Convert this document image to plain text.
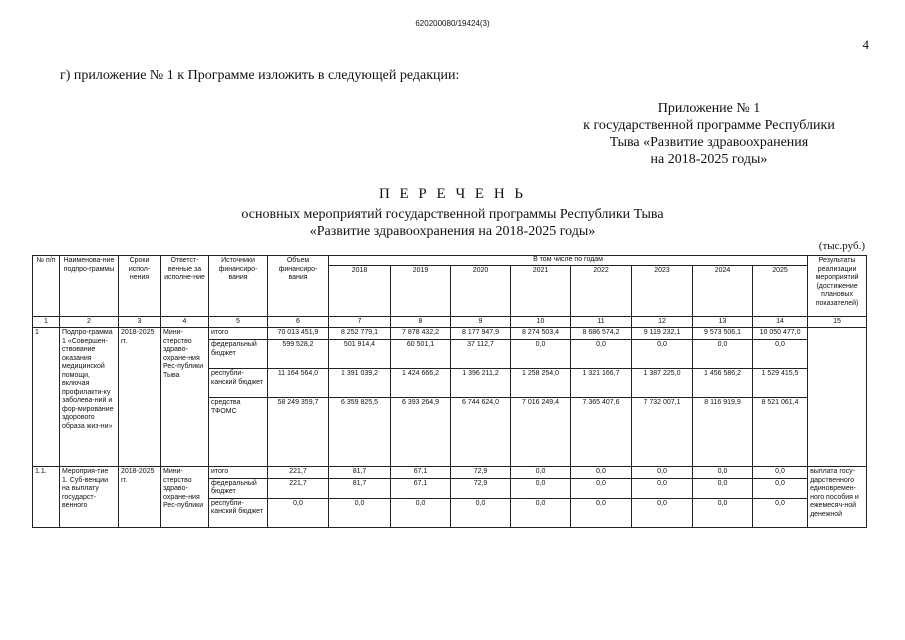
620200080/19424(3)
4
г) приложение № 1 к Программе изложить в следующей редакции:
Приложение № 1
к государственной программе Республики
Тыва «Развитие здравоохранения
на 2018-2025 годы»
П Е Р Е Ч Е Н Ь
основных мероприятий государственной программы Республики Тыва
«Развитие здравоохранения на 2018-2025 годы»
(тыс.руб.)
№ п/п	Наименова-ние подпро-граммы	Сроки испол-нения	Ответст-венные за исполне-ние	Источники финансиро-вания	Объем финансиро-вания	В том числе по годам								Результаты реализации мероприятий (достижение плановых показателей)
						2018	2019	2020	2021	2022	2023	2024	2025	
1	2	3	4	5	6	7	8	9	10	11	12	13	14	15
1	Подпро-грамма 1 «Совершен-ствование оказания медицинской помощи, включая профилакти-ку заболева-ний и фор-мирование здорового образа жиз-ни»	2018-2025 гг.	Мини-стерство здраво-охране-ния Рес-публики Тыва	итого	70 013 451,9	8 252 779,1	7 878 432,2	8 177 947,9	8 274 503,4	8 686 574,2	9 119 232,1	9 573 506,1	10 050 477,0	
				федеральный бюджет	599 528,2	501 914,4	60 501,1	37 112,7	0,0	0,0	0,0	0,0	0,0	
				республи-канский бюджет	11 164 564,0	1 391 039,2	1 424 666,2	1 396 211,2	1 258 254,0	1 321 166,7	1 387 225,0	1 456 586,2	1 529 415,5	
				средства ТФОМС	58 249 359,7	6 359 825,5	6 393 264,9	6 744 624,0	7 016 249,4	7 365 407,6	7 732 007,1	8 116 919,9	8 521 061,4	
1.1.	Мероприя-тие 1. Суб-венции на выплату государст-венного	2018-2025 гг.	Мини-стерство здраво-охране-ния Рес-публики	итого	221,7	81,7	67,1	72,9	0,0	0,0	0,0	0,0	0,0	выплата госу-дарственного единовремен-ного пособия и ежемесяч-ной денежной
				федеральный бюджет	221,7	81,7	67,1	72,9	0,0	0,0	0,0	0,0	0,0	
				республи-канский бюджет	0,0	0,0	0,0	0,0	0,0	0,0	0,0	0,0	0,0	
